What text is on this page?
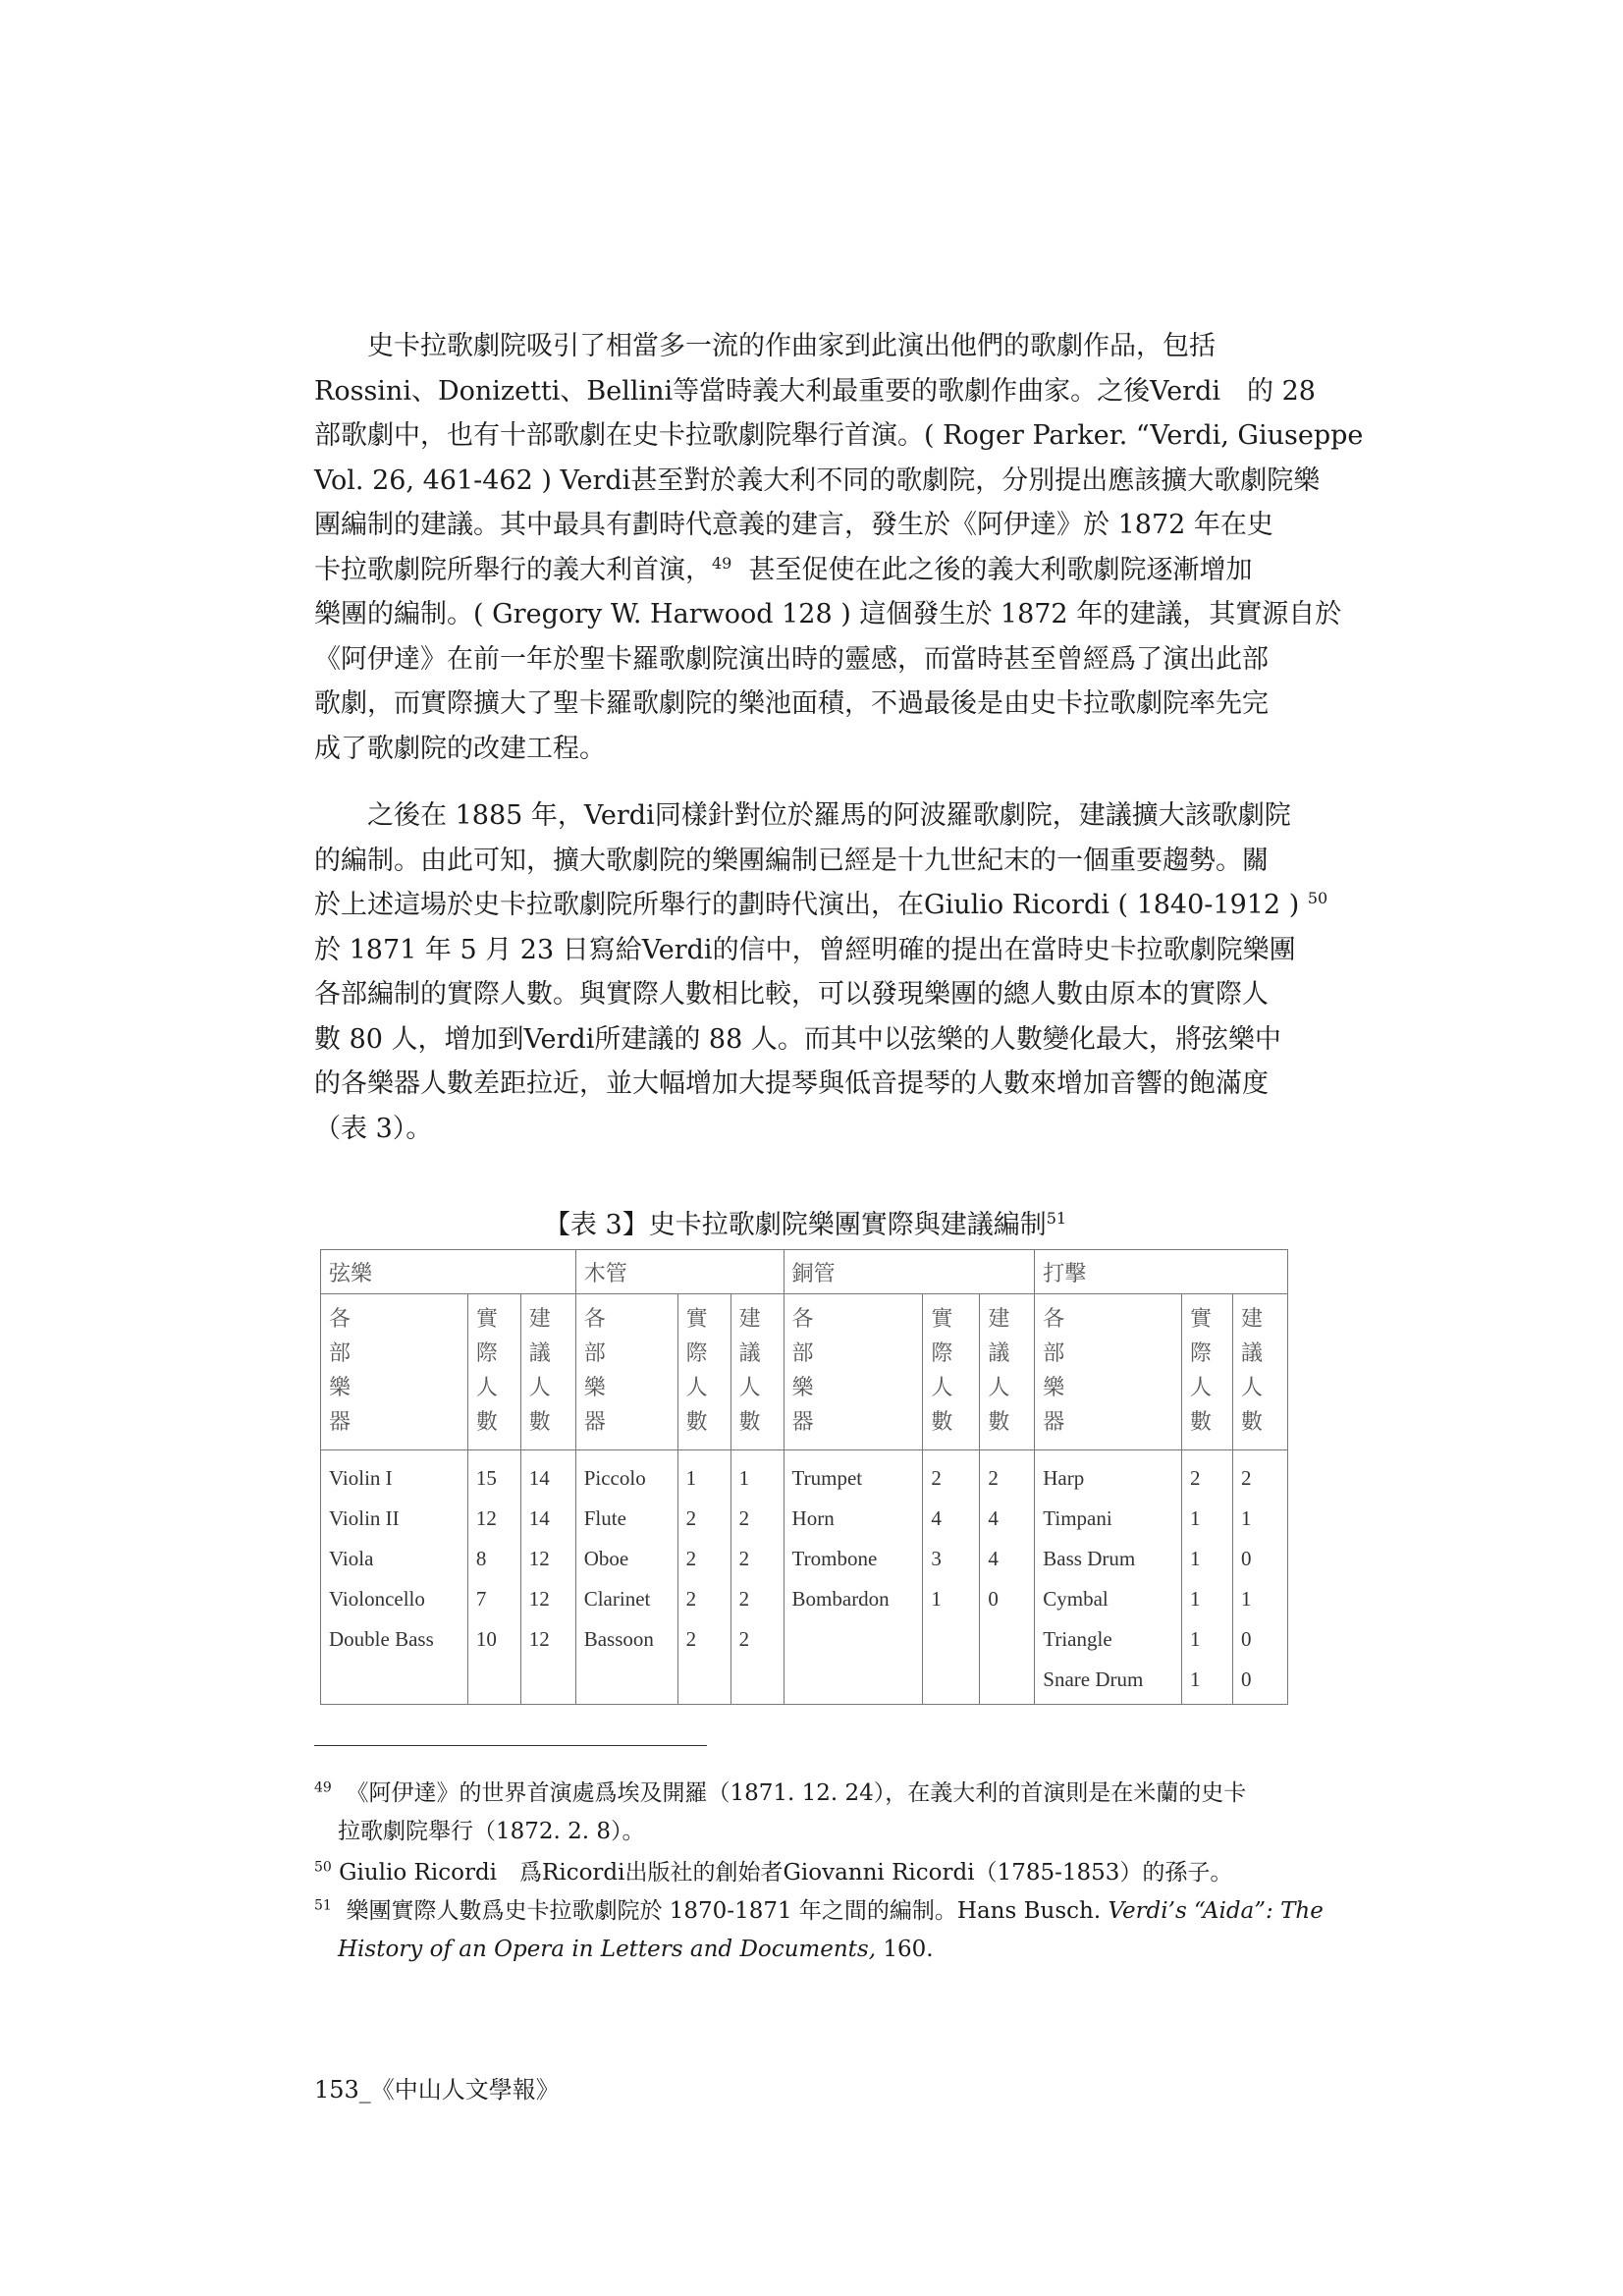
史卡拉歌劇院吸引了相當多一流的作曲家到此演出他們的歌劇作品，包括
Rossini、Donizetti、Bellini等當時義大利最重要的歌劇作曲家。之後Verdi　的 28
部歌劇中，也有十部歌劇在史卡拉歌劇院舉行首演。( Roger Parker. “Verdi, Giuseppe
Vol. 26, 461-462 ) Verdi甚至對於義大利不同的歌劇院，分別提出應該擴大歌劇院樂
團編制的建議。其中最具有劃時代意義的建言，發生於《阿伊達》於 1872 年在史
卡拉歌劇院所舉行的義大利首演，$^{49}$ 甚至促使在此之後的義大利歌劇院逐漸增加
樂團的編制。( Gregory W. Harwood 128 ) 這個發生於 1872 年的建議，其實源自於
《阿伊達》在前一年於聖卡羅歌劇院演出時的靈感，而當時甚至曾經爲了演出此部
歌劇，而實際擴大了聖卡羅歌劇院的樂池面積，不過最後是由史卡拉歌劇院率先完
成了歌劇院的改建工程。
之後在 1885 年，Verdi同樣針對位於羅馬的阿波羅歌劇院，建議擴大該歌劇院
的編制。由此可知，擴大歌劇院的樂團編制已經是十九世紀末的一個重要趨勢。關
於上述這場於史卡拉歌劇院所舉行的劃時代演出，在Giulio Ricordi ( 1840-1912 ) $^{50}$
於 1871 年 5 月 23 日寫給Verdi的信中，曾經明確的提出在當時史卡拉歌劇院樂團
各部編制的實際人數。與實際人數相比較，可以發現樂團的總人數由原本的實際人
數 80 人，增加到Verdi所建議的 88 人。而其中以弦樂的人數變化最大，將弦樂中
的各樂器人數差距拉近，並大幅增加大提琴與低音提琴的人數來增加音響的飽滿度
（表 3）。
【表 3】史卡拉歌劇院樂團實際與建議編制$^{51}$
弦樂			木管			銅管			打擊		

各
部
樂
器	實
際
人
數	建
議
人
數	各
部
樂
器	實
際
人
數	建
議
人
數	各
部
樂
器	實
際
人
數	建
議
人
數	各
部
樂
器	實
際
人
數	建
議
人
數

Violin I	15	14	Piccolo	1	1	Trumpet	2	2	Harp	2	2
Violin II	12	14	Flute	2	2	Horn	4	4	Timpani	1	1
Viola	8	12	Oboe	2	2	Trombone	3	4	Bass Drum	1	0
Violoncello	7	12	Clarinet	2	2	Bombardon	1	0	Cymbal	1	1
Double Bass	10	12	Bassoon	2	2				Triangle	1	0
									Snare Drum	1	0
$^{49}$ 《阿伊達》的世界首演處爲埃及開羅（1871. 12. 24），在義大利的首演則是在米蘭的史卡
拉歌劇院舉行（1872. 2. 8）。
$^{50}$ Giulio Ricordi　爲Ricordi出版社的創始者Giovanni Ricordi（1785-1853）的孫子。
$^{51}$ 樂團實際人數爲史卡拉歌劇院於 1870-1871 年之間的編制。Hans Busch. Verdi’s “Aida”: The
History of an Opera in Letters and Documents, 160.
153_《中山人文學報》
